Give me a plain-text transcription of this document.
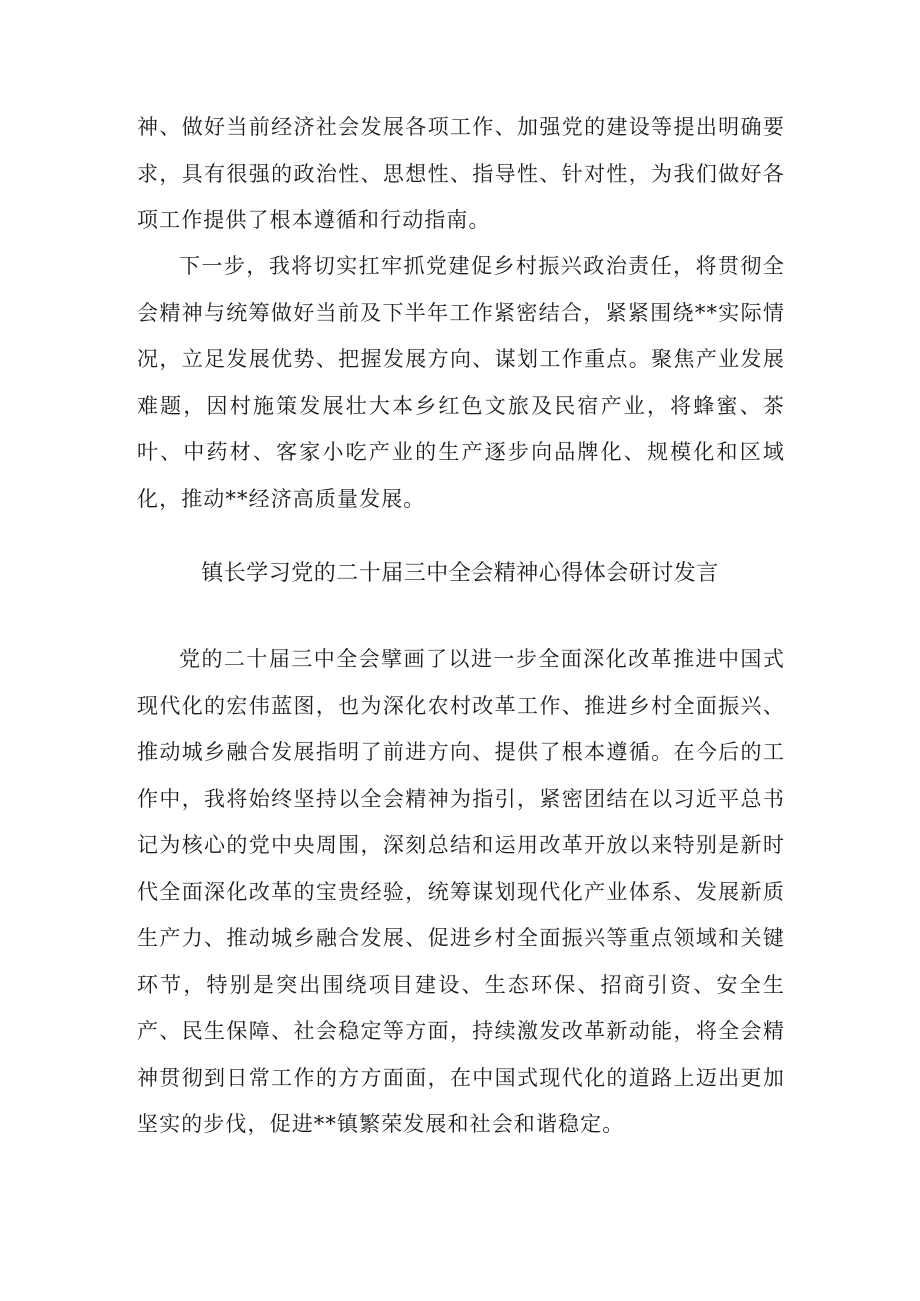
神、做好当前经济社会发展各项工作、加强党的建设等提出明确要求，具有很强的政治性、思想性、指导性、针对性，为我们做好各项工作提供了根本遵循和行动指南。

下一步，我将切实扛牢抓党建促乡村振兴政治责任，将贯彻全会精神与统筹做好当前及下半年工作紧密结合，紧紧围绕**实际情况，立足发展优势、把握发展方向、谋划工作重点。聚焦产业发展难题，因村施策发展壮大本乡红色文旅及民宿产业，将蜂蜜、茶叶、中药材、客家小吃产业的生产逐步向品牌化、规模化和区域化，推动**经济高质量发展。

镇长学习党的二十届三中全会精神心得体会研讨发言

党的二十届三中全会擘画了以进一步全面深化改革推进中国式现代化的宏伟蓝图，也为深化农村改革工作、推进乡村全面振兴、推动城乡融合发展指明了前进方向、提供了根本遵循。在今后的工作中，我将始终坚持以全会精神为指引，紧密团结在以习近平总书记为核心的党中央周围，深刻总结和运用改革开放以来特别是新时代全面深化改革的宝贵经验，统筹谋划现代化产业体系、发展新质生产力、推动城乡融合发展、促进乡村全面振兴等重点领域和关键环节，特别是突出围绕项目建设、生态环保、招商引资、安全生产、民生保障、社会稳定等方面，持续激发改革新动能，将全会精神贯彻到日常工作的方方面面，在中国式现代化的道路上迈出更加坚实的步伐，促进**镇繁荣发展和社会和谐稳定。
